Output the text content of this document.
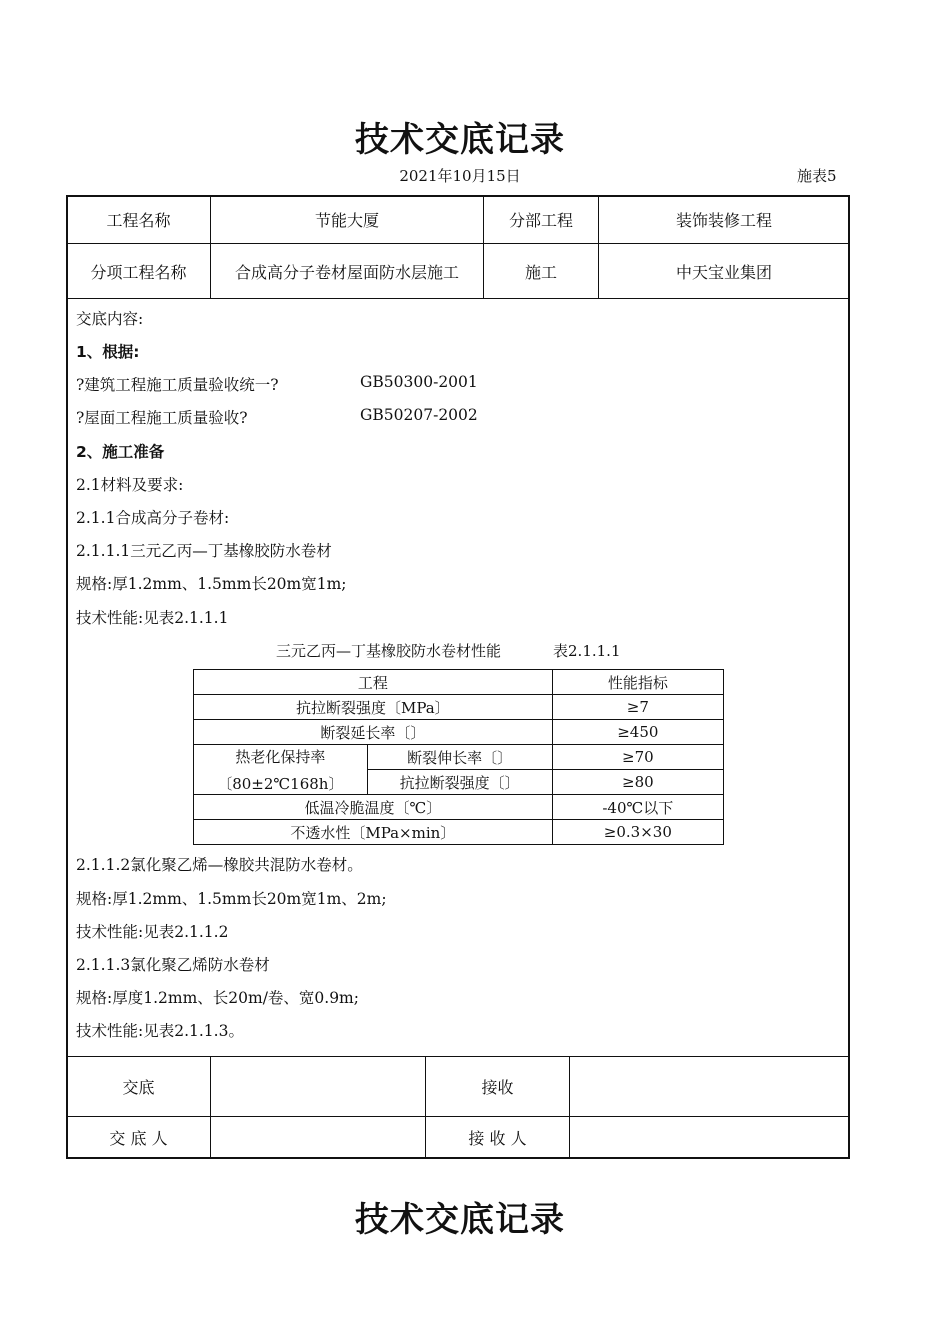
技术交底记录
2021年10月15日	施表5
工程名称	节能大厦	分部工程	装饰装修工程
分项工程名称	合成高分子卷材屋面防水层施工	施工	中天宝业集团
交底内容:
1、根据:
?建筑工程施工质量验收统一?	GB50300-2001
?屋面工程施工质量验收?	GB50207-2002
2、施工准备
2.1材料及要求:
2.1.1合成高分子卷材:
2.1.1.1三元乙丙—丁基橡胶防水卷材
规格:厚1.2mm、1.5mm长20m宽1m;
技术性能:见表2.1.1.1
三元乙丙—丁基橡胶防水卷材性能	表2.1.1.1
工程		性能指标
抗拉断裂强度〔MPa〕		≥7
断裂延长率〔〕		≥450

热老化保持率
〔80±2℃168h〕	断裂伸长率〔〕	≥70
	抗拉断裂强度〔〕	≥80
低温冷脆温度〔℃〕		-40℃以下
不透水性〔MPa×min〕		≥0.3×30
2.1.1.2氯化聚乙烯—橡胶共混防水卷材。
规格:厚1.2mm、1.5mm长20m宽1m、2m;
技术性能:见表2.1.1.2
2.1.1.3氯化聚乙烯防水卷材
规格:厚度1.2mm、长20m/卷、宽0.9m;
技术性能:见表2.1.1.3。
交底	接收
交 底 人	接 收 人
技术交底记录
